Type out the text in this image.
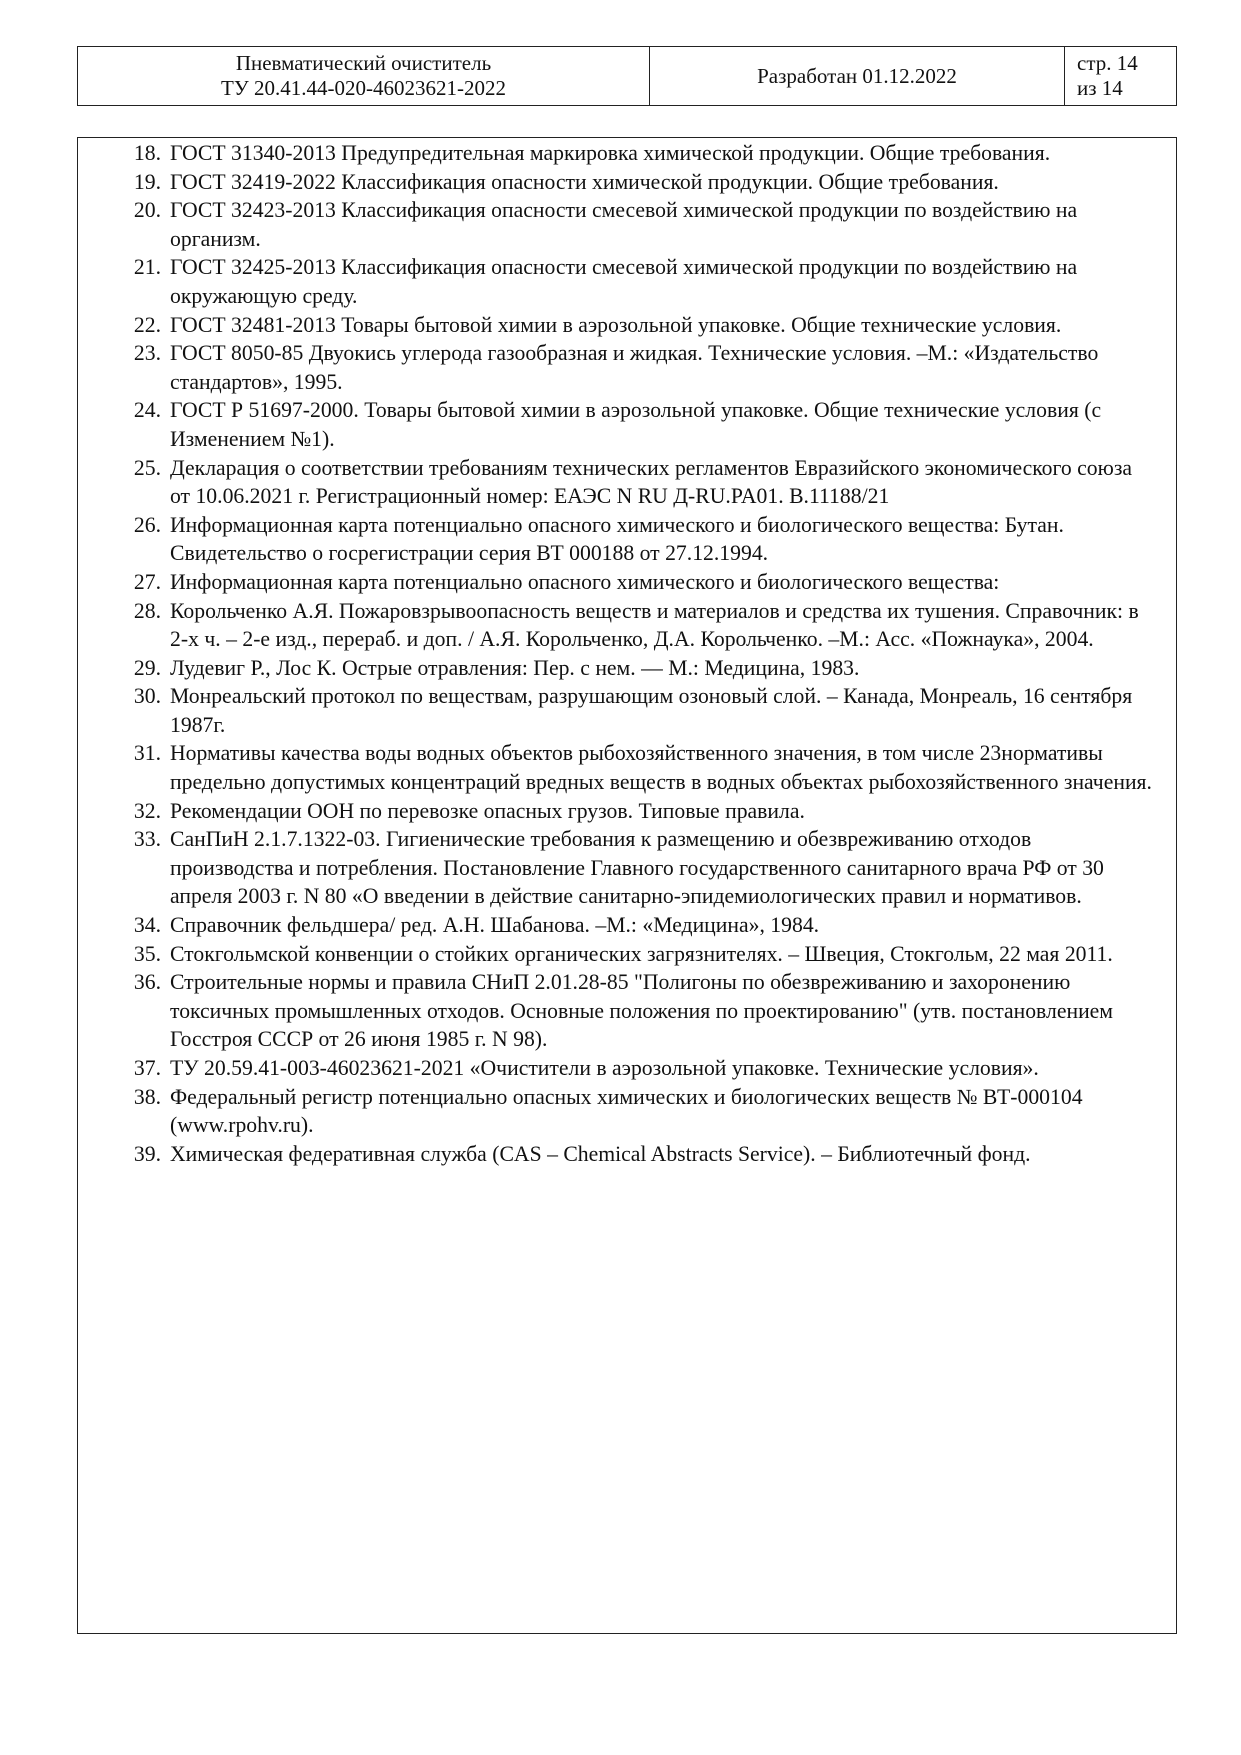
Пневматический очиститель
ТУ 20.41.44-020-46023621-2022
Разработан 01.12.2022
стр. 14
из 14
18. ГОСТ 31340-2013 Предупредительная маркировка химической продукции. Общие требования.
19. ГОСТ 32419-2022 Классификация опасности химической продукции. Общие требования.
20. ГОСТ 32423-2013 Классификация опасности смесевой химической продукции по воздействию на организм.
21. ГОСТ 32425-2013 Классификация опасности смесевой химической продукции по воздействию на окружающую среду.
22. ГОСТ 32481-2013 Товары бытовой химии в аэрозольной упаковке. Общие технические условия.
23. ГОСТ 8050-85 Двуокись углерода газообразная и жидкая. Технические условия. –М.: «Издательство стандартов», 1995.
24. ГОСТ Р 51697-2000. Товары бытовой химии в аэрозольной упаковке. Общие технические условия (с Изменением №1).
25. Декларация о соответствии требованиям технических регламентов Евразийского экономического союза от 10.06.2021 г. Регистрационный номер: ЕАЭС N RU Д-RU.PA01. B.11188/21
26. Информационная карта потенциально опасного химического и биологического вещества: Бутан. Свидетельство о госрегистрации серия ВТ 000188 от 27.12.1994.
27. Информационная карта потенциально опасного химического и биологического вещества:
28. Корольченко А.Я. Пожаровзрывоопасность веществ и материалов и средства их тушения. Справочник: в 2-х ч. – 2-е изд., перераб. и доп. / А.Я. Корольченко, Д.А. Корольченко. –М.: Асс. «Пожнаука», 2004.
29. Лудевиг Р., Лос К. Острые отравления: Пер. с нем. — М.: Медицина, 1983.
30. Монреальский протокол по веществам, разрушающим озоновый слой. – Канада, Монреаль, 16 сентября 1987г.
31. Нормативы качества воды водных объектов рыбохозяйственного значения, в том числе 23нормативы предельно допустимых концентраций вредных веществ в водных объектах рыбохозяйственного значения.
32. Рекомендации ООН по перевозке опасных грузов. Типовые правила.
33. СанПиН 2.1.7.1322-03. Гигиенические требования к размещению и обезвреживанию отходов производства и потребления. Постановление Главного государственного санитарного врача РФ от 30 апреля 2003 г. N 80 «О введении в действие санитарно-эпидемиологических правил и нормативов.
34. Справочник фельдшера/ ред. А.Н. Шабанова. –М.: «Медицина», 1984.
35. Стокгольмской конвенции о стойких органических загрязнителях. – Швеция, Стокгольм, 22 мая 2011.
36. Строительные нормы и правила СНиП 2.01.28-85 "Полигоны по обезвреживанию и захоронению токсичных промышленных отходов. Основные положения по проектированию" (утв. постановлением Госстроя СССР от 26 июня 1985 г. N 98).
37. ТУ 20.59.41-003-46023621-2021 «Очистители в аэрозольной упаковке. Технические условия».
38. Федеральный регистр потенциально опасных химических и биологических веществ № ВТ-000104 (www.rpohv.ru).
39. Химическая федеративная служба (CAS – Chemical Abstracts Service). – Библиотечный фонд.
